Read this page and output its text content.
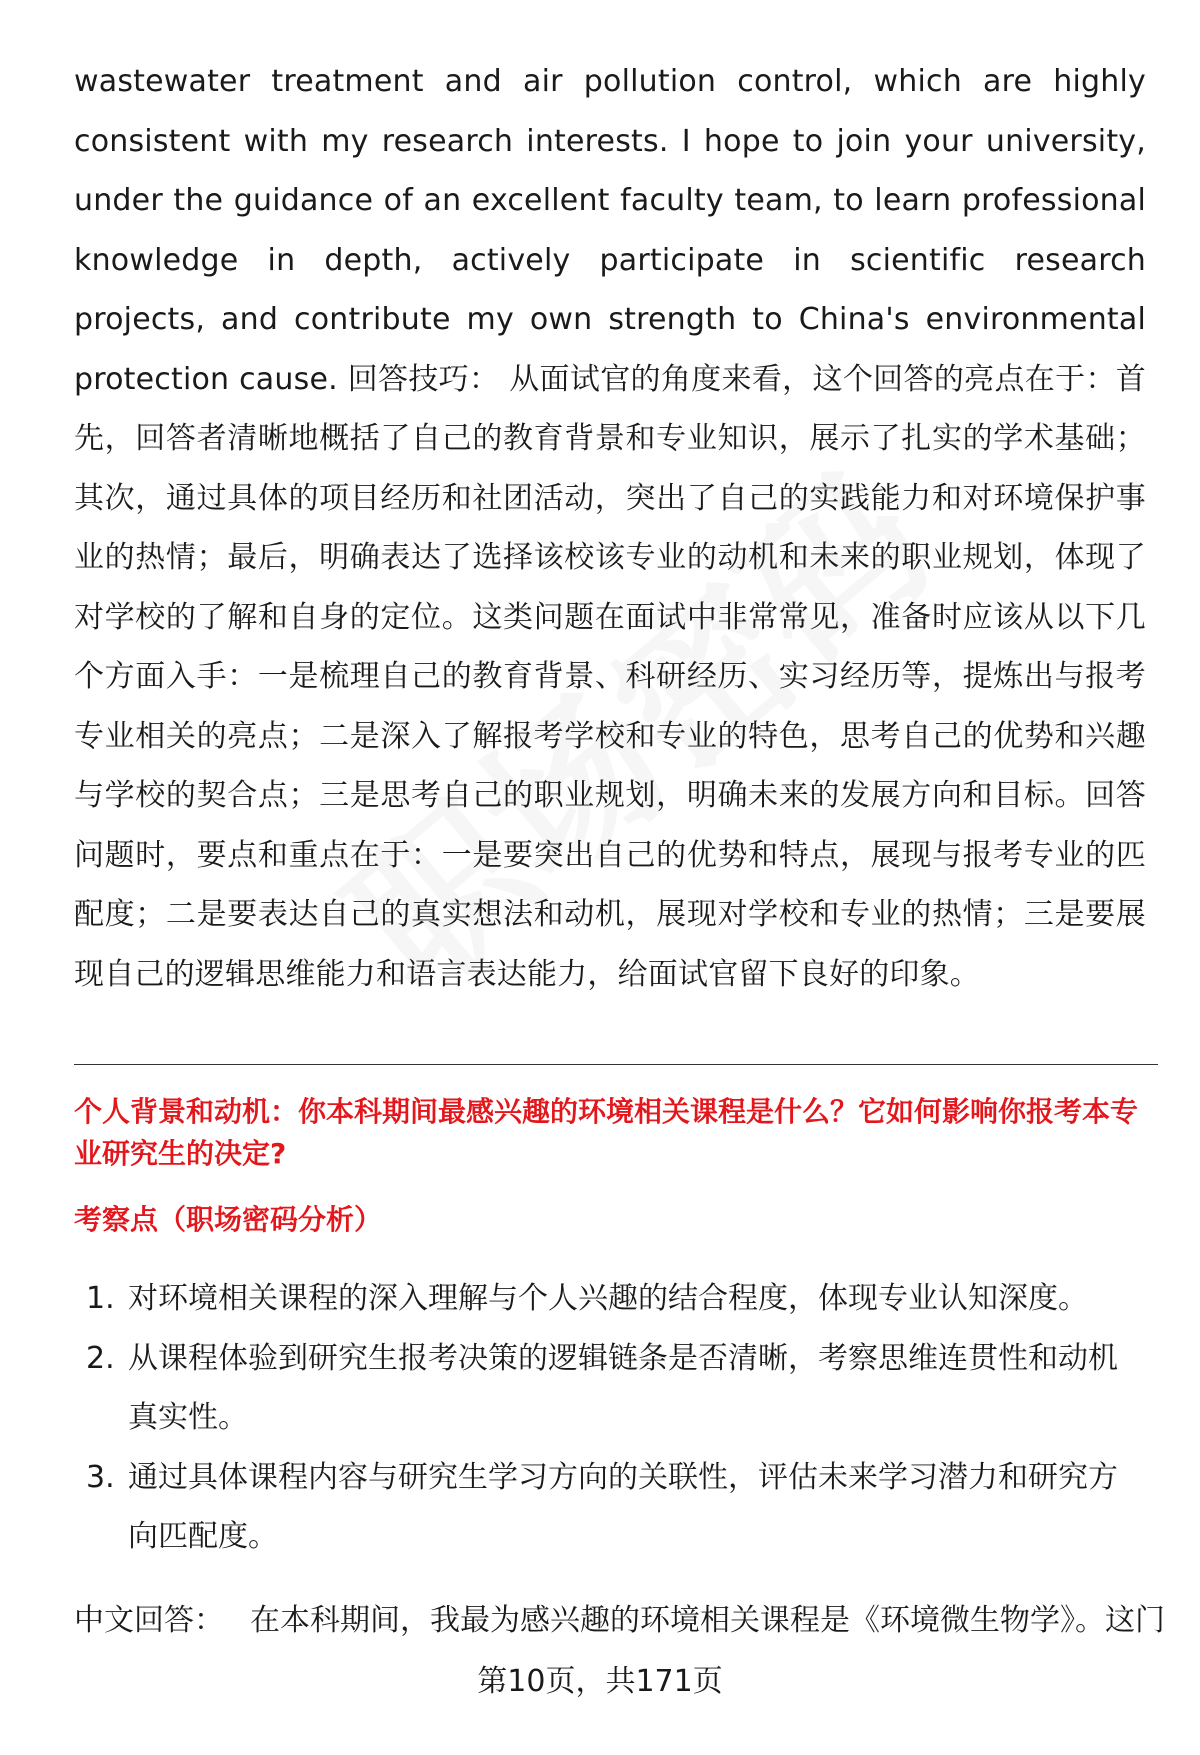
wastewater treatment and air pollution control, which are highly consistent with my research interests. I hope to join your university, under the guidance of an excellent faculty team, to learn professional knowledge in depth, actively participate in scientific research projects, and contribute my own strength to China's environmental protection cause. 回答技巧： 从面试官的角度来看，这个回答的亮点在于：首先，回答者清晰地概括了自己的教育背景和专业知识，展示了扎实的学术基础；其次，通过具体的项目经历和社团活动，突出了自己的实践能力和对环境保护事业的热情；最后，明确表达了选择该校该专业的动机和未来的职业规划，体现了对学校的了解和自身的定位。这类问题在面试中非常常见，准备时应该从以下几个方面入手：一是梳理自己的教育背景、科研经历、实习经历等，提炼出与报考专业相关的亮点；二是深入了解报考学校和专业的特色，思考自己的优势和兴趣与学校的契合点；三是思考自己的职业规划，明确未来的发展方向和目标。回答问题时，要点和重点在于：一是要突出自己的优势和特点，展现与报考专业的匹配度；二是要表达自己的真实想法和动机，展现对学校和专业的热情；三是要展现自己的逻辑思维能力和语言表达能力，给面试官留下良好的印象。

个人背景和动机：你本科期间最感兴趣的环境相关课程是什么？它如何影响你报考本专业研究生的决定?

考察点（职场密码分析）

1. 对环境相关课程的深入理解与个人兴趣的结合程度，体现专业认知深度。
2. 从课程体验到研究生报考决策的逻辑链条是否清晰，考察思维连贯性和动机真实性。
3. 通过具体课程内容与研究生学习方向的关联性，评估未来学习潜力和研究方向匹配度。

中文回答： 在本科期间，我最为感兴趣的环境相关课程是《环境微生物学》。这门

第10页，共171页
